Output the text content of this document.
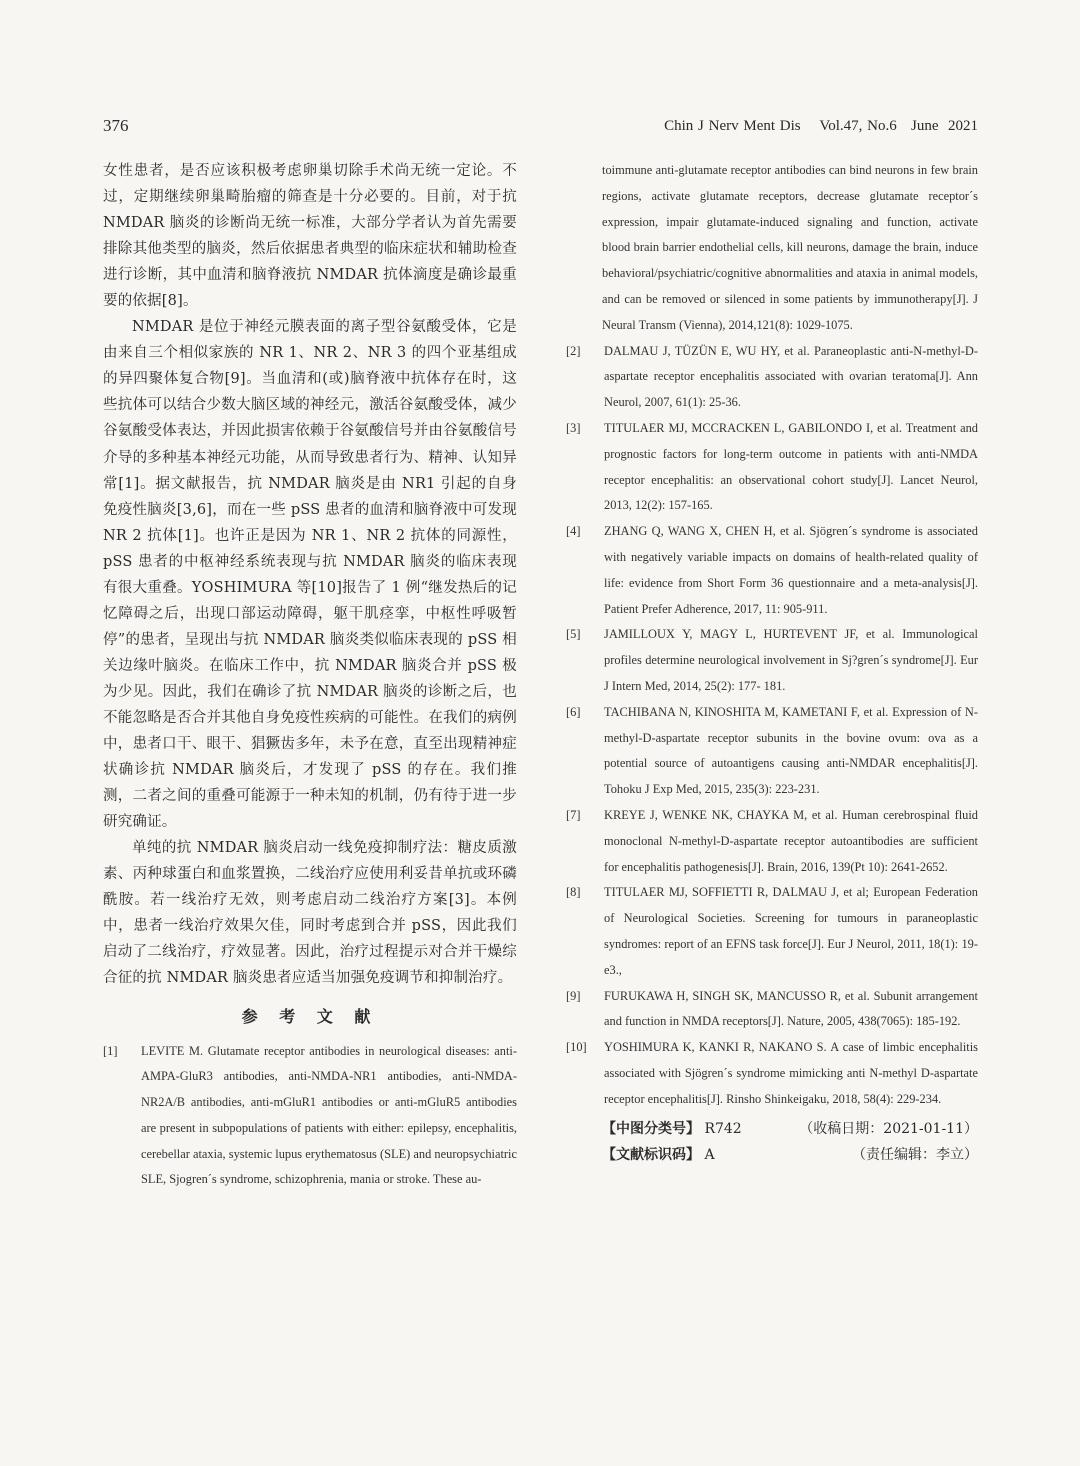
376	Chin J Nerv Ment Dis    Vol.47, No.6   June  2021

女性患者，是否应该积极考虑卵巢切除手术尚无统一定论。不过，定期继续卵巢畸胎瘤的筛查是十分必要的。目前，对于抗 NMDAR 脑炎的诊断尚无统一标准，大部分学者认为首先需要排除其他类型的脑炎，然后依据患者典型的临床症状和辅助检查进行诊断，其中血清和脑脊液抗 NMDAR 抗体滴度是确诊最重要的依据[8]。

NMDAR 是位于神经元膜表面的离子型谷氨酸受体，它是由来自三个相似家族的 NR 1、NR 2、NR 3 的四个亚基组成的异四聚体复合物[9]。当血清和(或)脑脊液中抗体存在时，这些抗体可以结合少数大脑区域的神经元，激活谷氨酸受体，减少谷氨酸受体表达，并因此损害依赖于谷氨酸信号并由谷氨酸信号介导的多种基本神经元功能，从而导致患者行为、精神、认知异常[1]。据文献报告，抗 NMDAR 脑炎是由 NR1 引起的自身免疫性脑炎[3,6]，而在一些 pSS 患者的血清和脑脊液中可发现 NR 2 抗体[1]。也许正是因为 NR 1、NR 2 抗体的同源性，pSS 患者的中枢神经系统表现与抗 NMDAR 脑炎的临床表现有很大重叠。YOSHIMURA 等[10]报告了 1 例“继发热后的记忆障碍之后，出现口部运动障碍，躯干肌痉挛，中枢性呼吸暂停”的患者，呈现出与抗 NMDAR 脑炎类似临床表现的 pSS 相关边缘叶脑炎。在临床工作中，抗 NMDAR 脑炎合并 pSS 极为少见。因此，我们在确诊了抗 NMDAR 脑炎的诊断之后，也不能忽略是否合并其他自身免疫性疾病的可能性。在我们的病例中，患者口干、眼干、猖獗齿多年，未予在意，直至出现精神症状确诊抗 NMDAR 脑炎后，才发现了 pSS 的存在。我们推测，二者之间的重叠可能源于一种未知的机制，仍有待于进一步研究确证。

单纯的抗 NMDAR 脑炎启动一线免疫抑制疗法：糖皮质激素、丙种球蛋白和血浆置换，二线治疗应使用利妥昔单抗或环磷酰胺。若一线治疗无效，则考虑启动二线治疗方案[3]。本例中，患者一线治疗效果欠佳，同时考虑到合并 pSS，因此我们启动了二线治疗，疗效显著。因此，治疗过程提示对合并干燥综合征的抗 NMDAR 脑炎患者应适当加强免疫调节和抑制治疗。

参 考 文 献
[1]	LEVITE M. Glutamate receptor antibodies in neurological diseases: anti-AMPA-GluR3 antibodies, anti-NMDA-NR1 antibodies, anti-NMDA-NR2A/B antibodies, anti-mGluR1 antibodies or anti-mGluR5 antibodies are present in subpopulations of patients with either: epilepsy, encephalitis, cerebellar ataxia, systemic lupus erythematosus (SLE) and neuropsychiatric SLE, Sjogren´s syndrome, schizophrenia, mania or stroke. These au-
toimmune anti-glutamate receptor antibodies can bind neurons in few brain regions, activate glutamate receptors, decrease glutamate receptor´s expression, impair glutamate-induced signaling and function, activate blood brain barrier endothelial cells, kill neurons, damage the brain, induce behavioral/psychiatric/cognitive abnormalities and ataxia in animal models, and can be removed or silenced in some patients by immunotherapy[J]. J Neural Transm (Vienna), 2014,121(8): 1029-1075.
[2]	DALMAU J, TÜZÜN E, WU HY, et al. Paraneoplastic anti-N-methyl-D-aspartate receptor encephalitis associated with ovarian teratoma[J]. Ann Neurol, 2007, 61(1): 25-36.
[3]	TITULAER MJ, MCCRACKEN L, GABILONDO I, et al. Treatment and prognostic factors for long-term outcome in patients with anti-NMDA receptor encephalitis: an observational cohort study[J]. Lancet Neurol, 2013, 12(2): 157-165.
[4]	ZHANG Q, WANG X, CHEN H, et al. Sjögren´s syndrome is associated with negatively variable impacts on domains of health-related quality of life: evidence from Short Form 36 questionnaire and a meta-analysis[J]. Patient Prefer Adherence, 2017, 11: 905-911.
[5]	JAMILLOUX Y, MAGY L, HURTEVENT JF, et al. Immunological profiles determine neurological involvement in Sj?gren´s syndrome[J]. Eur J Intern Med, 2014, 25(2): 177- 181.
[6]	TACHIBANA N, KINOSHITA M, KAMETANI F, et al. Expression of N-methyl-D-aspartate receptor subunits in the bovine ovum: ova as a potential source of autoantigens causing anti-NMDAR encephalitis[J]. Tohoku J Exp Med, 2015, 235(3): 223-231.
[7]	KREYE J, WENKE NK, CHAYKA M, et al. Human cerebrospinal fluid monoclonal N-methyl-D-aspartate receptor autoantibodies are sufficient for encephalitis pathogenesis[J]. Brain, 2016, 139(Pt 10): 2641-2652.
[8]	TITULAER MJ, SOFFIETTI R, DALMAU J, et al; European Federation of Neurological Societies. Screening for tumours in paraneoplastic syndromes: report of an EFNS task force[J]. Eur J Neurol, 2011, 18(1): 19-e3.,
[9]	FURUKAWA H, SINGH SK, MANCUSSO R, et al. Subunit arrangement and function in NMDA receptors[J]. Nature, 2005, 438(7065): 185-192.
[10]	YOSHIMURA K, KANKI R, NAKANO S. A case of limbic encephalitis associated with Sjögren´s syndrome mimicking anti N-methyl D-aspartate receptor encephalitis[J]. Rinsho Shinkeigaku, 2018, 58(4): 229-234.
【中图分类号】 R742	（收稿日期：2021-01-11）
【文献标识码】 A	（责任编辑：李立）
